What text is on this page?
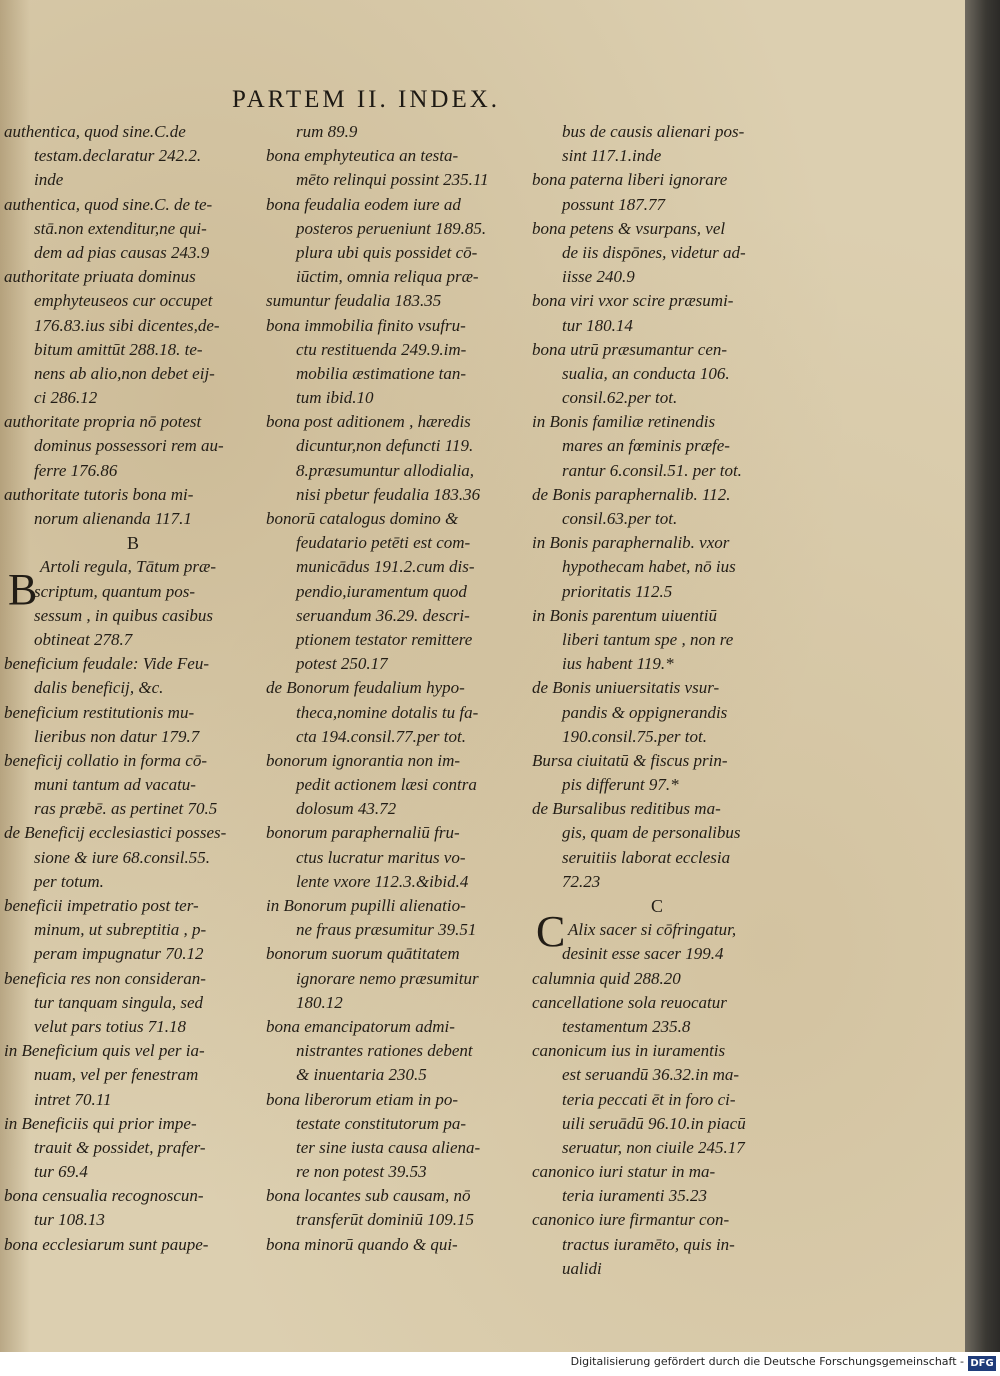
PARTEM II. INDEX.
authentica, quod sine.C.de
testam.declaratur 242.2.
inde
authentica, quod sine.C. de te-
stā.non extenditur,ne qui-
dem ad pias causas 243.9
authoritate priuata dominus
emphyteuseos cur occupet
176.83.ius sibi dicentes,de-
bitum amittūt 288.18. te-
nens ab alio,non debet eij-
ci 286.12
authoritate propria nō potest
dominus possessori rem au-
ferre 176.86
authoritate tutoris bona mi-
norum alienanda 117.1
B
Artoli regula, Tātum præ-
scriptum, quantum pos-
sessum , in quibus casibus
obtineat 278.7
beneficium feudale: Vide Feu-
dalis beneficij, &c.
beneficium restitutionis mu-
lieribus non datur 179.7
beneficij collatio in forma cō-
muni tantum ad vacatu-
ras præbē. as pertinet 70.5
de Beneficij ecclesiastici posses-
sione & iure 68.consil.55.
per totum.
beneficii impetratio post ter-
minum, ut subreptitia , p-
peram impugnatur 70.12
beneficia res non consideran-
tur tanquam singula, sed
velut pars totius 71.18
in Beneficium quis vel per ia-
nuam, vel per fenestram
intret 70.11
in Beneficiis qui prior impe-
trauit & possidet, prafer-
tur 69.4
bona censualia recognoscun-
tur 108.13
bona ecclesiarum sunt paupe-
rum 89.9
bona emphyteutica an testa-
mēto relinqui possint 235.11
bona feudalia eodem iure ad
posteros perueniunt 189.85.
plura ubi quis possidet cō-
iūctim, omnia reliqua præ-
sumuntur feudalia 183.35
bona immobilia finito vsufru-
ctu restituenda 249.9.im-
mobilia æstimatione tan-
tum ibid.10
bona post aditionem , hæredis
dicuntur,non defuncti 119.
8.præsumuntur allodialia,
nisi pbetur feudalia 183.36
bonorū catalogus domino &
feudatario petēti est com-
municādus 191.2.cum dis-
pendio,iuramentum quod
seruandum 36.29. descri-
ptionem testator remittere
potest 250.17
de Bonorum feudalium hypo-
theca,nomine dotalis tu fa-
cta 194.consil.77.per tot.
bonorum ignorantia non im-
pedit actionem læsi contra
dolosum 43.72
bonorum paraphernaliū fru-
ctus lucratur maritus vo-
lente vxore 112.3.&ibid.4
in Bonorum pupilli alienatio-
ne fraus præsumitur 39.51
bonorum suorum quātitatem
ignorare nemo præsumitur
180.12
bona emancipatorum admi-
nistrantes rationes debent
& inuentaria 230.5
bona liberorum etiam in po-
testate constitutorum pa-
ter sine iusta causa aliena-
re non potest 39.53
bona locantes sub causam, nō
transferūt dominiū 109.15
bona minorū quando & qui-
bus de causis alienari pos-
sint 117.1.inde
bona paterna liberi ignorare
possunt 187.77
bona petens & vsurpans, vel
de iis dispōnes, videtur ad-
iisse 240.9
bona viri vxor scire præsumi-
tur 180.14
bona utrū præsumantur cen-
sualia, an conducta 106.
consil.62.per tot.
in Bonis familiæ retinendis
mares an fœminis præfe-
rantur 6.consil.51. per tot.
de Bonis paraphernalib. 112.
consil.63.per tot.
in Bonis paraphernalib. vxor
hypothecam habet, nō ius
prioritatis 112.5
in Bonis parentum uiuentiū
liberi tantum spe , non re
ius habent 119.*
de Bonis uniuersitatis vsur-
pandis & oppignerandis
190.consil.75.per tot.
Bursa ciuitatū & fiscus prin-
pis differunt 97.*
de Bursalibus reditibus ma-
gis, quam de personalibus
seruitiis laborat ecclesia
72.23
C
Alix sacer si cōfringatur,
desinit esse sacer 199.4
calumnia quid 288.20
cancellatione sola reuocatur
testamentum 235.8
canonicum ius in iuramentis
est seruandū 36.32.in ma-
teria peccati ēt in foro ci-
uili seruādū 96.10.in piacū
seruatur, non ciuile 245.17
canonico iuri statur in ma-
teria iuramenti 35.23
canonico iure firmantur con-
tractus iuramēto, quis in-
ualidi
B
C
Digitalisierung gefördert durch die Deutsche Forschungsgemeinschaft - DFG
